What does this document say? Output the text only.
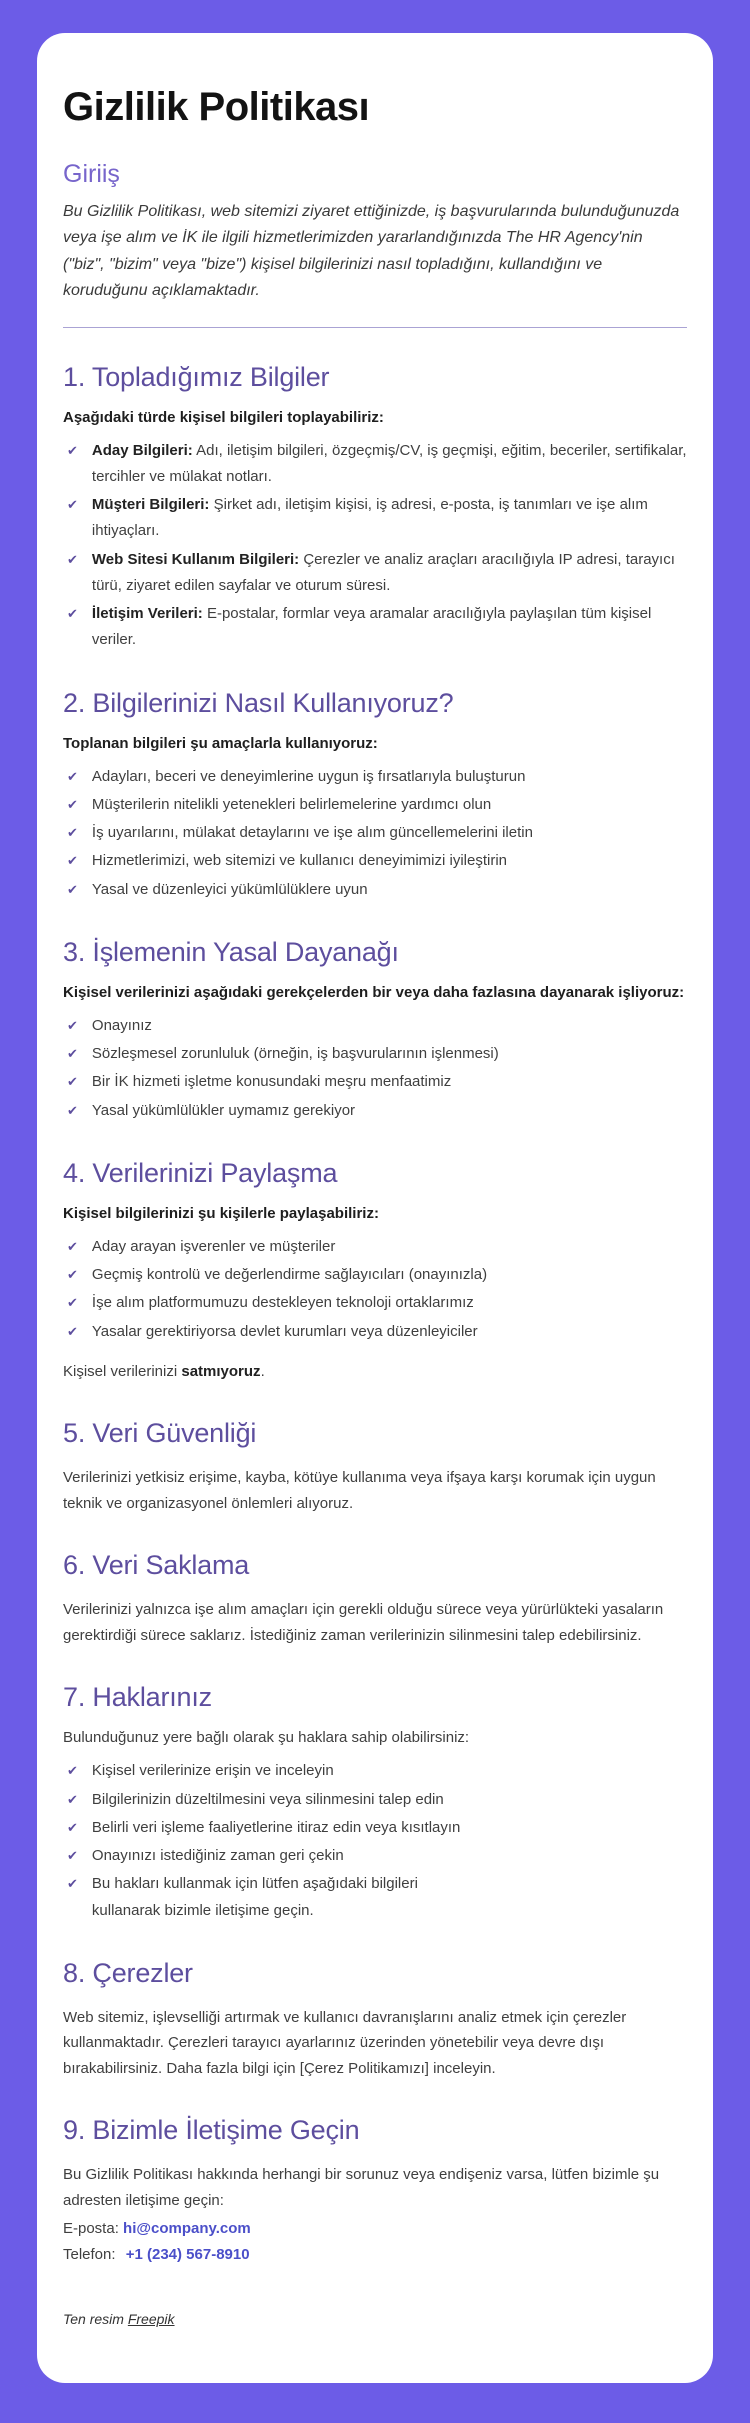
Gizlilik Politikası
Giriiş

Bu Gizlilik Politikası, web sitemizi ziyaret ettiğinizde, iş başvurularında bulunduğunuzda veya işe alım ve İK ile ilgili hizmetlerimizden yararlandığınızda The HR Agency'nin ("biz", "bizim" veya "bize") kişisel bilgilerinizi nasıl topladığını, kullandığını ve koruduğunu açıklamaktadır.

1. Topladığımız Bilgiler

Aşağıdaki türde kişisel bilgileri toplayabiliriz:

✔ Aday Bilgileri: Adı, iletişim bilgileri, özgeçmiş/CV, iş geçmişi, eğitim, beceriler, sertifikalar, tercihler ve mülakat notları.
✔ Müşteri Bilgileri: Şirket adı, iletişim kişisi, iş adresi, e-posta, iş tanımları ve işe alım ihtiyaçları.
✔ Web Sitesi Kullanım Bilgileri: Çerezler ve analiz araçları aracılığıyla IP adresi, tarayıcı türü, ziyaret edilen sayfalar ve oturum süresi.
✔ İletişim Verileri: E-postalar, formlar veya aramalar aracılığıyla paylaşılan tüm kişisel veriler.
2. Bilgilerinizi Nasıl Kullanıyoruz?

Toplanan bilgileri şu amaçlarla kullanıyoruz:

✔ Adayları, beceri ve deneyimlerine uygun iş fırsatlarıyla buluşturun
✔ Müşterilerin nitelikli yetenekleri belirlemelerine yardımcı olun
✔ İş uyarılarını, mülakat detaylarını ve işe alım güncellemelerini iletin
✔ Hizmetlerimizi, web sitemizi ve kullanıcı deneyimimizi iyileştirin
✔ Yasal ve düzenleyici yükümlülüklere uyun
3. İşlemenin Yasal Dayanağı

Kişisel verilerinizi aşağıdaki gerekçelerden bir veya daha fazlasına dayanarak işliyoruz:

✔ Onayınız
✔ Sözleşmesel zorunluluk (örneğin, iş başvurularının işlenmesi)
✔ Bir İK hizmeti işletme konusundaki meşru menfaatimiz
✔ Yasal yükümlülükler uymamız gerekiyor
4. Verilerinizi Paylaşma

Kişisel bilgilerinizi şu kişilerle paylaşabiliriz:

✔ Aday arayan işverenler ve müşteriler
✔ Geçmiş kontrolü ve değerlendirme sağlayıcıları (onayınızla)
✔ İşe alım platformumuzu destekleyen teknoloji ortaklarımız
✔ Yasalar gerektiriyorsa devlet kurumları veya düzenleyiciler

Kişisel verilerinizi satmıyoruz.

5. Veri Güvenliği

Verilerinizi yetkisiz erişime, kayba, kötüye kullanıma veya ifşaya karşı korumak için uygun teknik ve organizasyonel önlemleri alıyoruz.

6. Veri Saklama

Verilerinizi yalnızca işe alım amaçları için gerekli olduğu sürece veya yürürlükteki yasaların gerektirdiği sürece saklarız. İstediğiniz zaman verilerinizin silinmesini talep edebilirsiniz.

7. Haklarınız

Bulunduğunuz yere bağlı olarak şu haklara sahip olabilirsiniz:

✔ Kişisel verilerinize erişin ve inceleyin
✔ Bilgilerinizin düzeltilmesini veya silinmesini talep edin
✔ Belirli veri işleme faaliyetlerine itiraz edin veya kısıtlayın
✔ Onayınızı istediğiniz zaman geri çekin
✔ Bu hakları kullanmak için lütfen aşağıdaki bilgileri kullanarak bizimle iletişime geçin.
8. Çerezler

Web sitemiz, işlevselliği artırmak ve kullanıcı davranışlarını analiz etmek için çerezler kullanmaktadır. Çerezleri tarayıcı ayarlarınız üzerinden yönetebilir veya devre dışı bırakabilirsiniz. Daha fazla bilgi için [Çerez Politikamızı] inceleyin.

9. Bizimle İletişime Geçin

Bu Gizlilik Politikası hakkında herhangi bir sorunuz veya endişeniz varsa, lütfen bizimle şu adresten iletişime geçin:

E-posta: hi@company.com
Telefon: +1 (234) 567-8910

Ten resim Freepik
